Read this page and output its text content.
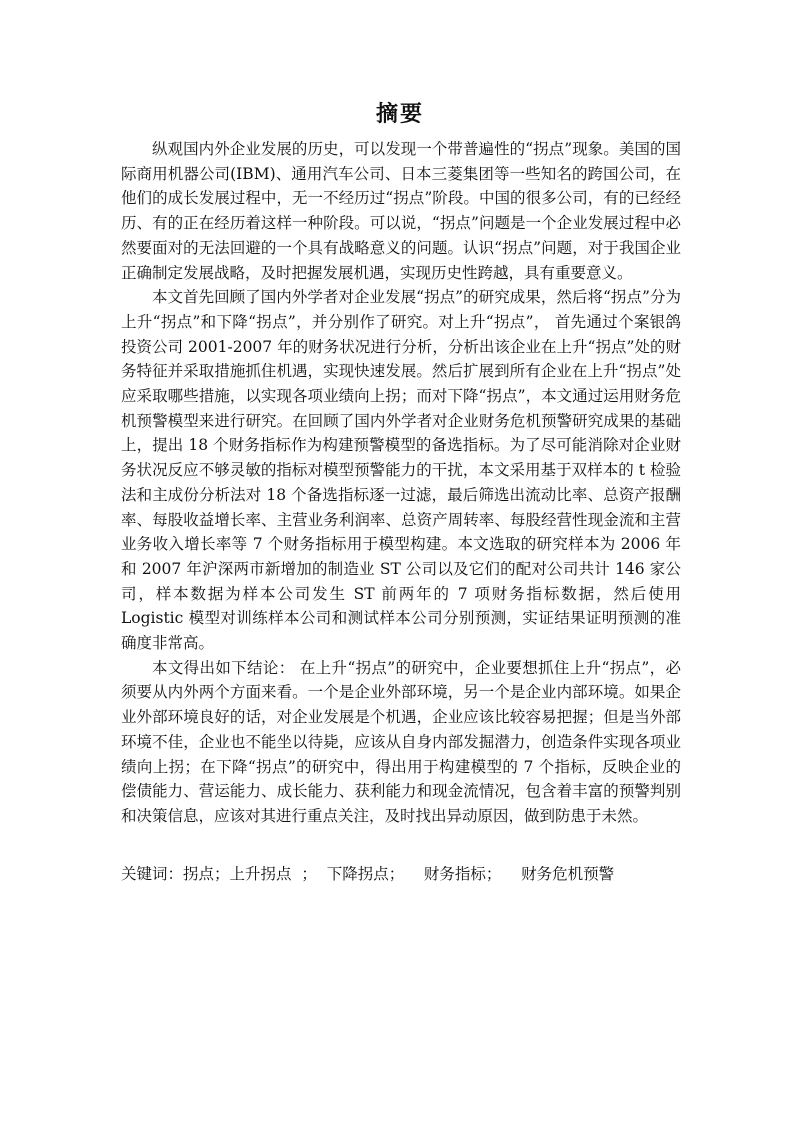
摘要

纵观国内外企业发展的历史，可以发现一个带普遍性的“拐点”现象。美国的国际商用机器公司(IBM)、通用汽车公司、日本三菱集团等一些知名的跨国公司，在他们的成长发展过程中，无一不经历过“拐点”阶段。中国的很多公司，有的已经经历、有的正在经历着这样一种阶段。可以说，“拐点”问题是一个企业发展过程中必然要面对的无法回避的一个具有战略意义的问题。认识“拐点”问题，对于我国企业正确制定发展战略，及时把握发展机遇，实现历史性跨越，具有重要意义。

本文首先回顾了国内外学者对企业发展“拐点”的研究成果，然后将“拐点”分为上升“拐点”和下降“拐点”，并分别作了研究。对上升“拐点”， 首先通过个案银鸽投资公司 2001-2007 年的财务状况进行分析，分析出该企业在上升“拐点”处的财务特征并采取措施抓住机遇，实现快速发展。然后扩展到所有企业在上升“拐点”处应采取哪些措施，以实现各项业绩向上拐；而对下降“拐点”，本文通过运用财务危机预警模型来进行研究。在回顾了国内外学者对企业财务危机预警研究成果的基础上，提出 18 个财务指标作为构建预警模型的备选指标。为了尽可能消除对企业财务状况反应不够灵敏的指标对模型预警能力的干扰，本文采用基于双样本的 t 检验法和主成份分析法对 18 个备选指标逐一过滤，最后筛选出流动比率、总资产报酬率、每股收益增长率、主营业务利润率、总资产周转率、每股经营性现金流和主营业务收入增长率等 7 个财务指标用于模型构建。本文选取的研究样本为 2006 年和 2007 年沪深两市新增加的制造业 ST 公司以及它们的配对公司共计 146 家公司，样本数据为样本公司发生 ST 前两年的 7 项财务指标数据，然后使用 Logistic 模型对训练样本公司和测试样本公司分别预测，实证结果证明预测的准确度非常高。

本文得出如下结论： 在上升“拐点”的研究中，企业要想抓住上升“拐点”，必须要从内外两个方面来看。一个是企业外部环境，另一个是企业内部环境。如果企业外部环境良好的话，对企业发展是个机遇，企业应该比较容易把握；但是当外部环境不佳，企业也不能坐以待毙，应该从自身内部发掘潜力，创造条件实现各项业绩向上拐；在下降“拐点”的研究中，得出用于构建模型的 7 个指标，反映企业的偿债能力、营运能力、成长能力、获利能力和现金流情况，包含着丰富的预警判别和决策信息，应该对其进行重点关注，及时找出异动原因，做到防患于未然。

关键词：拐点；上升拐点  ；  下降拐点；    财务指标；    财务危机预警
